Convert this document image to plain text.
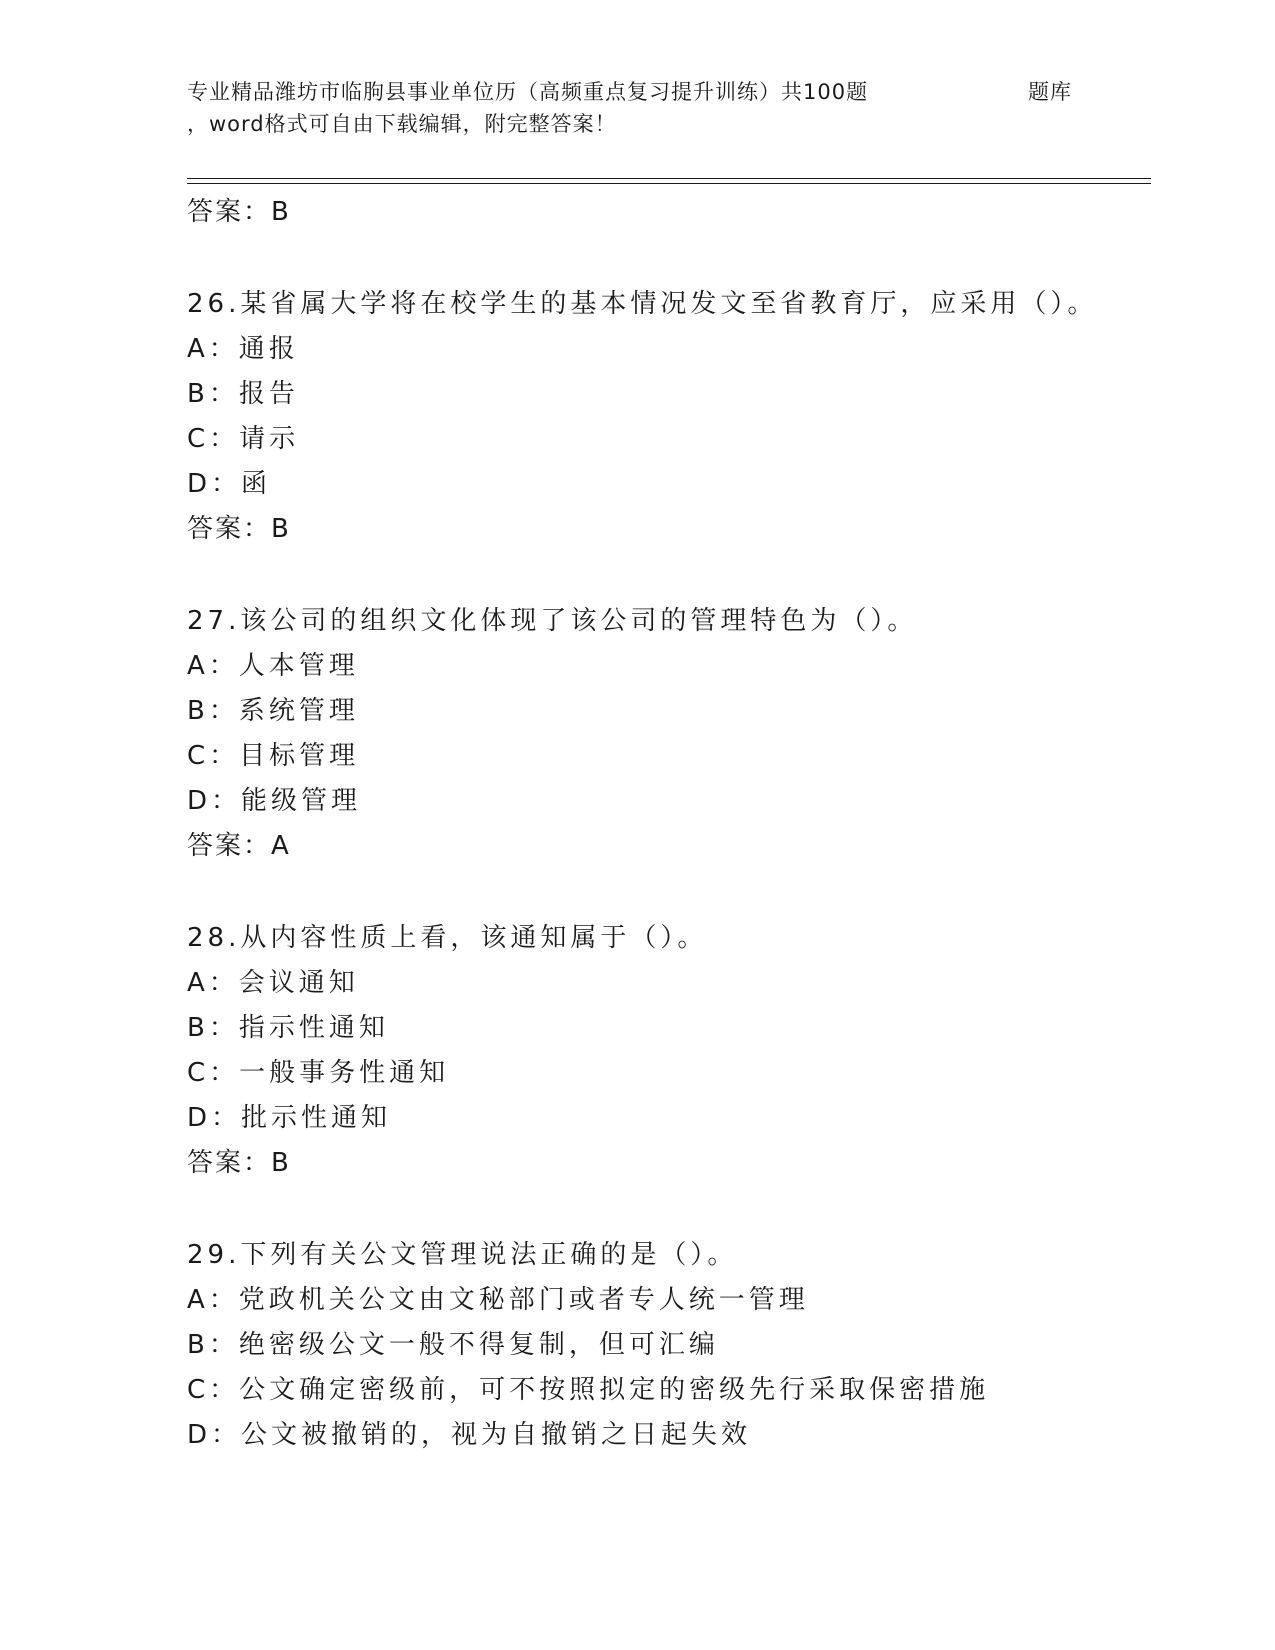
专业精品潍坊市临朐县事业单位历（高频重点复习提升训练）共100题	题库
，word格式可自由下载编辑，附完整答案！
答案：B
26.某省属大学将在校学生的基本情况发文至省教育厅，应采用（）。
A：通报
B：报告
C：请示
D：函
答案：B
27.该公司的组织文化体现了该公司的管理特色为（）。
A：人本管理
B：系统管理
C：目标管理
D：能级管理
答案：A
28.从内容性质上看，该通知属于（）。
A：会议通知
B：指示性通知
C：一般事务性通知
D：批示性通知
答案：B
29.下列有关公文管理说法正确的是（）。
A：党政机关公文由文秘部门或者专人统一管理
B：绝密级公文一般不得复制，但可汇编
C：公文确定密级前，可不按照拟定的密级先行采取保密措施
D：公文被撤销的，视为自撤销之日起失效
